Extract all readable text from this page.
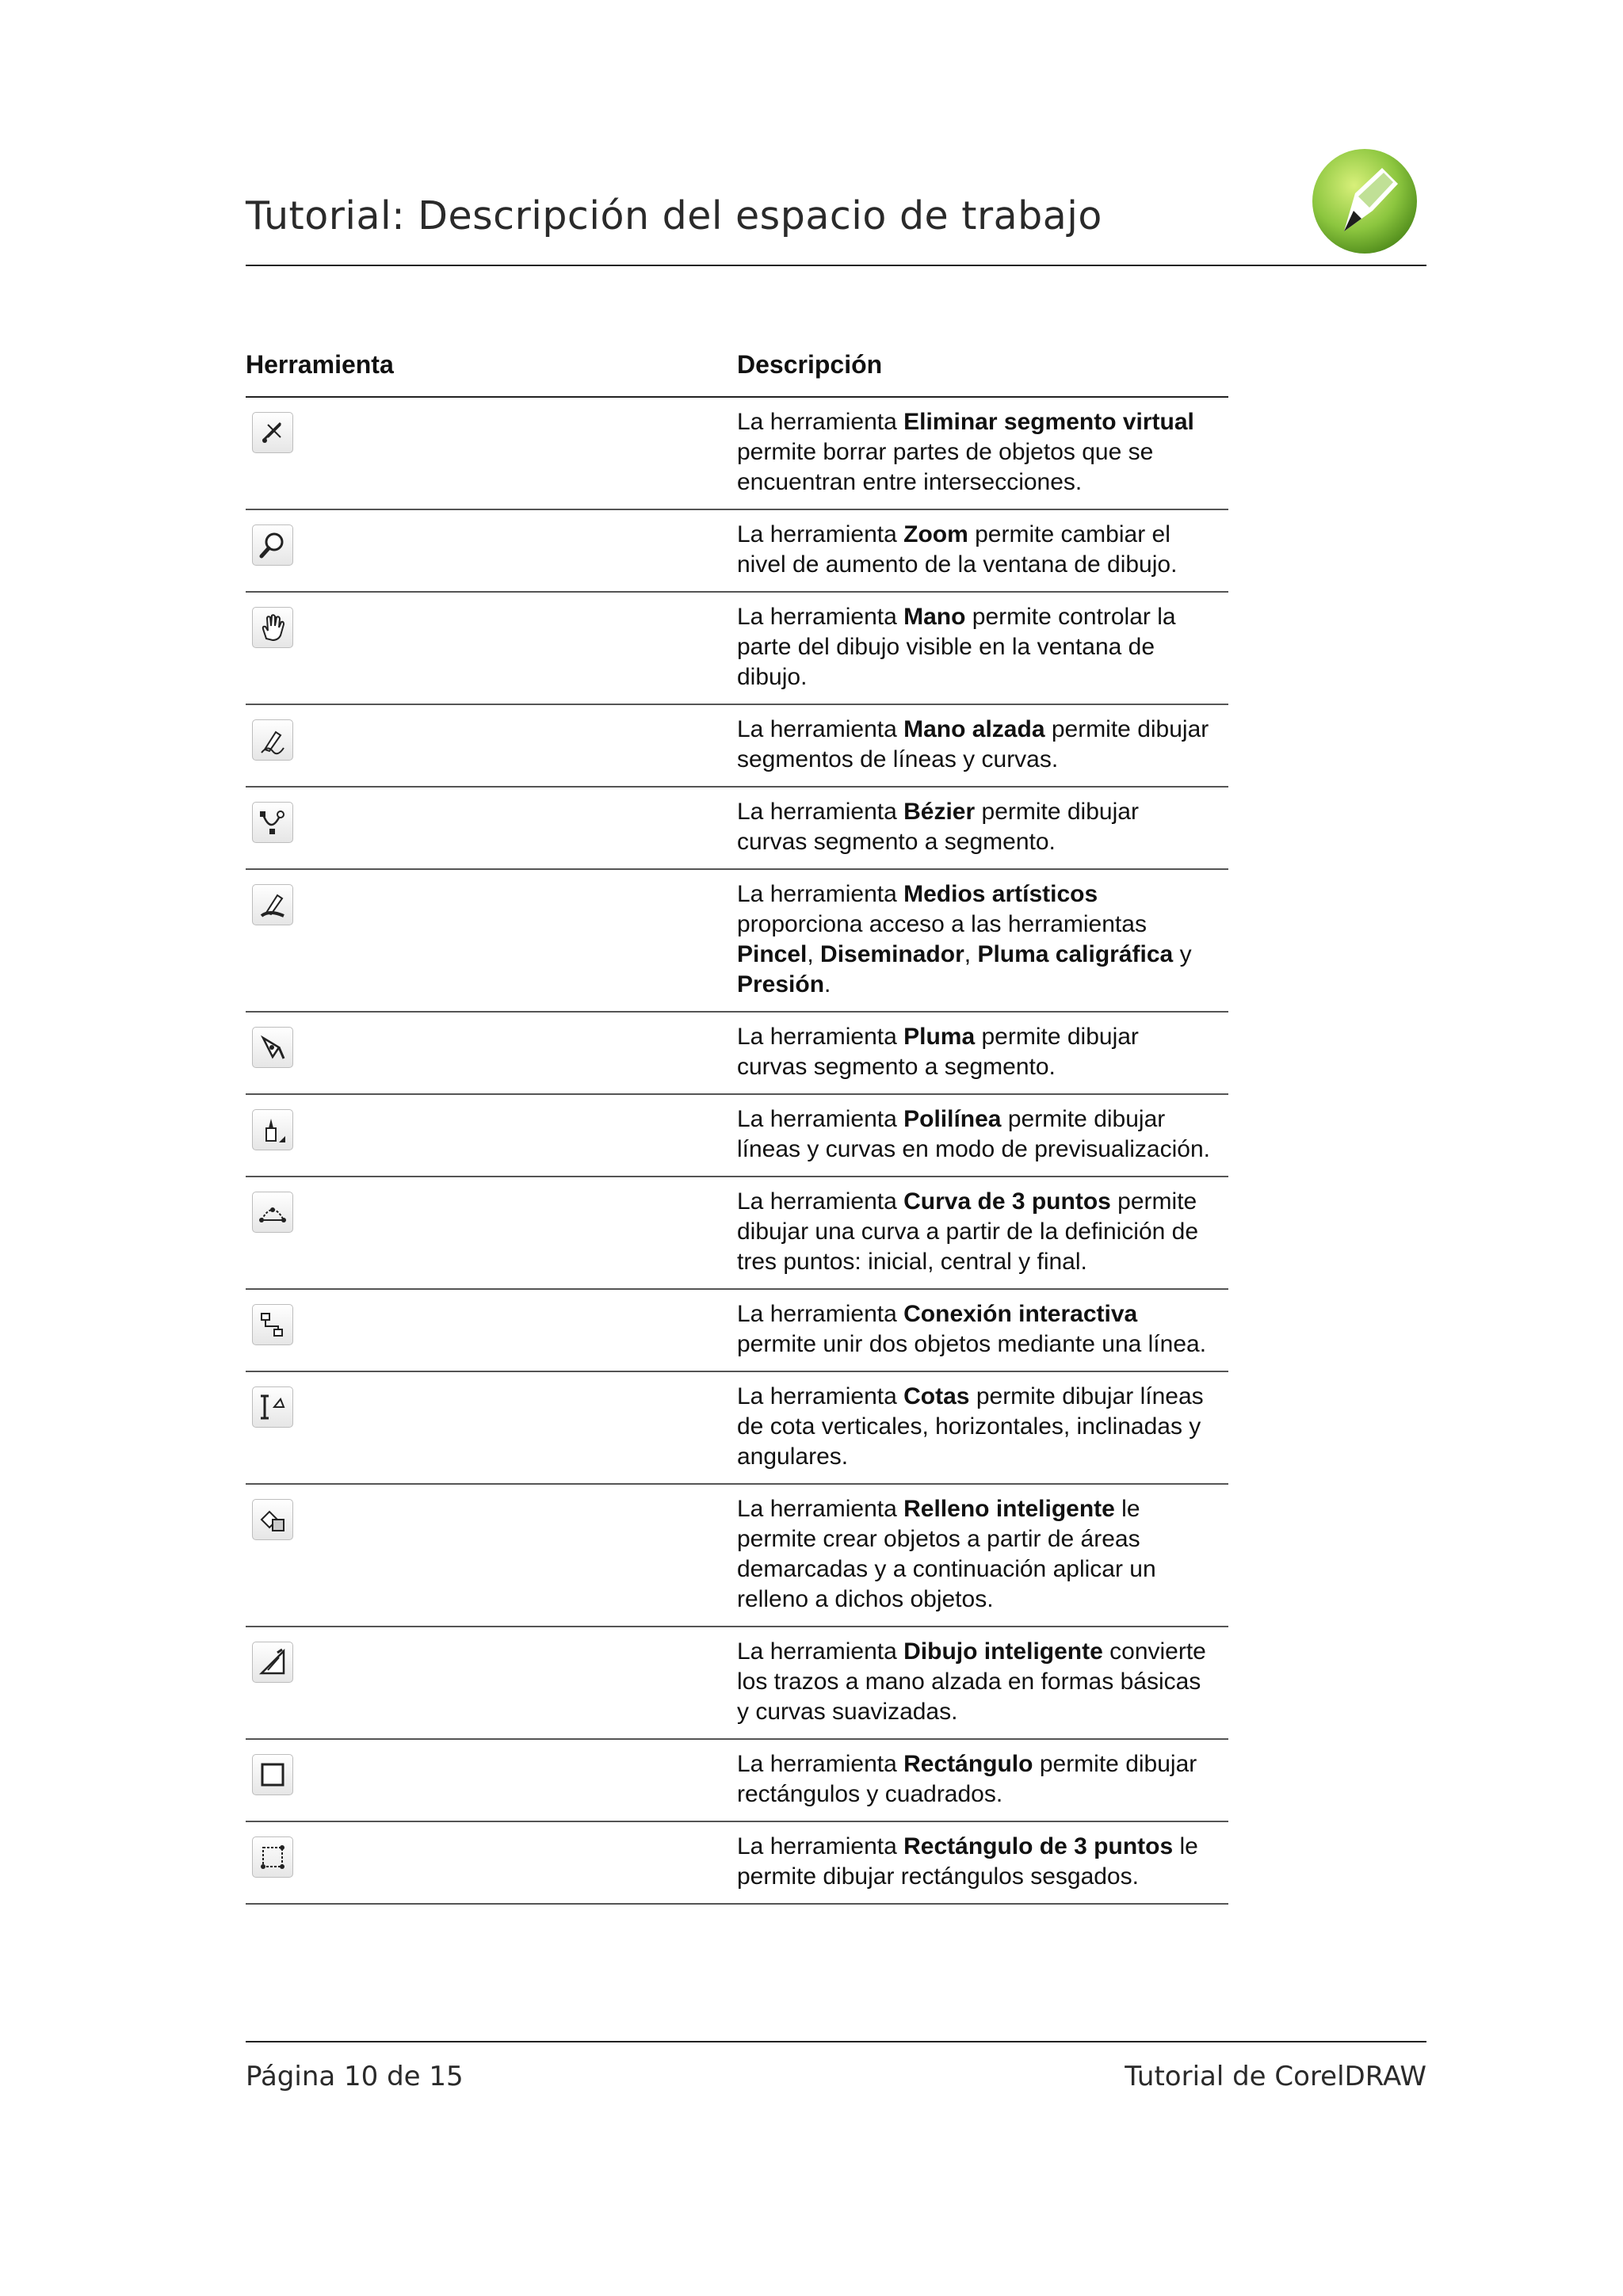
Tutorial: Descripción del espacio de trabajo
Herramienta	Descripción
La herramienta Eliminar segmento virtual permite borrar partes de objetos que se encuentran entre intersecciones.
La herramienta Zoom permite cambiar el nivel de aumento de la ventana de dibujo.
La herramienta Mano permite controlar la parte del dibujo visible en la ventana de dibujo.
La herramienta Mano alzada permite dibujar segmentos de líneas y curvas.
La herramienta Bézier permite dibujar curvas segmento a segmento.
La herramienta Medios artísticos proporciona acceso a las herramientas Pincel, Diseminador, Pluma caligráfica y Presión.
La herramienta Pluma permite dibujar curvas segmento a segmento.
La herramienta Polilínea permite dibujar líneas y curvas en modo de previsualización.
La herramienta Curva de 3 puntos permite dibujar una curva a partir de la definición de tres puntos: inicial, central y final.
La herramienta Conexión interactiva permite unir dos objetos mediante una línea.
La herramienta Cotas permite dibujar líneas de cota verticales, horizontales, inclinadas y angulares.
La herramienta Relleno inteligente le permite crear objetos a partir de áreas demarcadas y a continuación aplicar un relleno a dichos objetos.
La herramienta Dibujo inteligente convierte los trazos a mano alzada en formas básicas y curvas suavizadas.
La herramienta Rectángulo permite dibujar rectángulos y cuadrados.
La herramienta Rectángulo de 3 puntos le permite dibujar rectángulos sesgados.
Página 10 de 15	Tutorial de CorelDRAW
